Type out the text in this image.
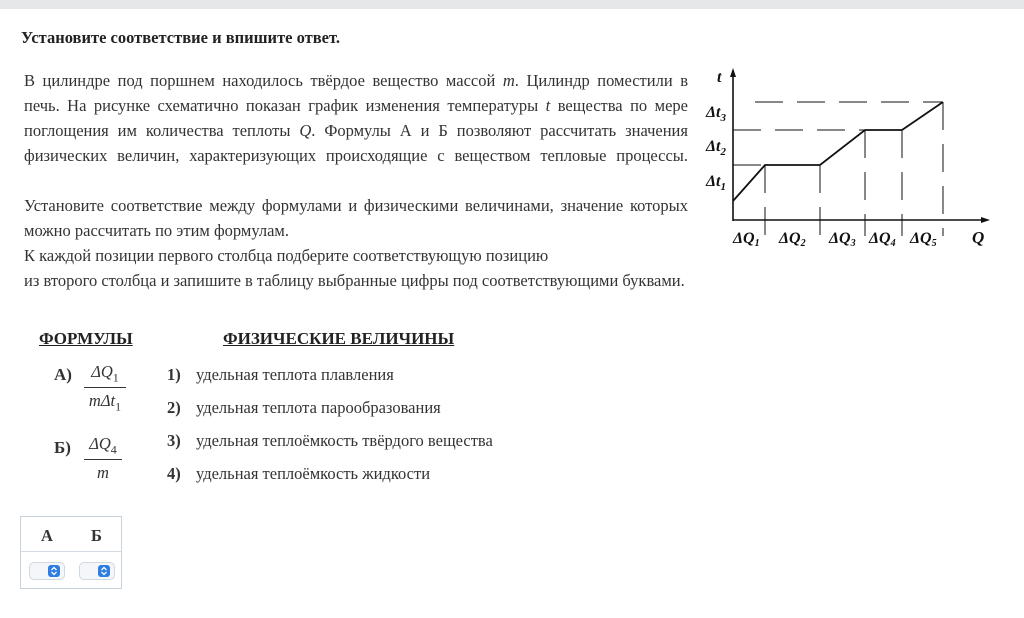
Установите соответствие и впишите ответ.
В цилиндре под поршнем находилось твёрдое вещество массой m. Цилиндр поместили в печь. На рисунке схематично показан график изменения температуры t вещества по мере поглощения им количества теплоты Q. Формулы А и Б позволяют рассчитать значения физических величин, характеризующих происходящие с веществом тепловые процессы.
Установите соответствие между формулами и физическими величинами, значение которых можно рассчитать по этим формулам.
К каждой позиции первого столбца подберите соответствующую позицию
из второго столбца и запишите в таблицу выбранные цифры под соответствующими буквами.
t
Q
$\Delta t_3$
$\Delta t_2$
$\Delta t_1$
ΔQ1 ΔQ2 ΔQ3 ΔQ4 ΔQ5
ФОРМУЛЫ	ФИЗИЧЕСКИЕ ВЕЛИЧИНЫ
А)	$\Delta Q_1$
mΔt$_1$
$Б) \frac{\Delta Q_4}{m}$
1) удельная теплота плавления
2) удельная теплота парообразования
3) удельная теплоёмкость твёрдого вещества
4) удельная теплоёмкость жидкости
А Б
